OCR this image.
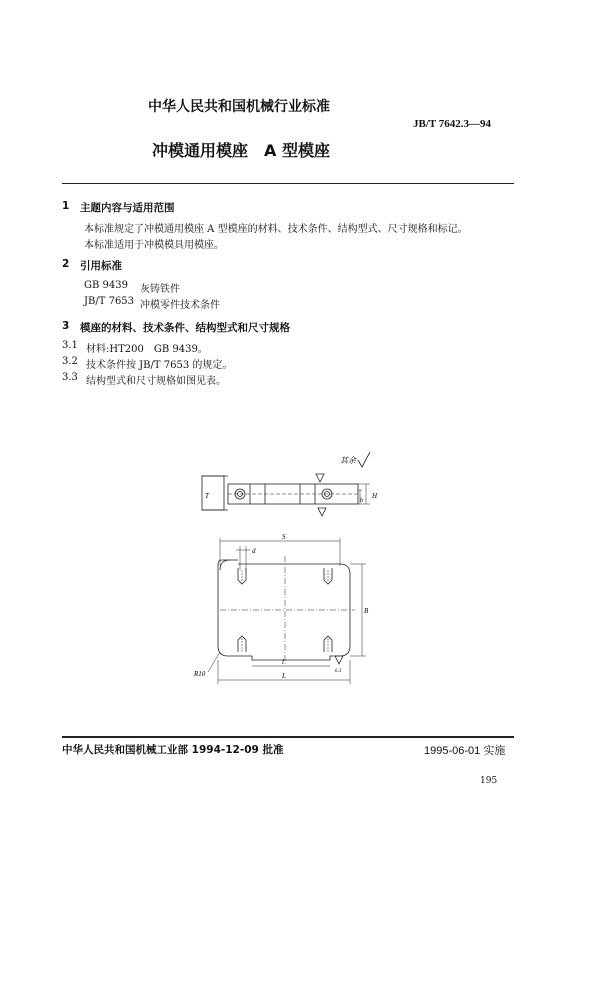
中华人民共和国机械行业标准
JB/T 7642.3—94
冲模通用模座　A 型模座
1 主题内容与适用范围
本标准规定了冲模通用模座 A 型模座的材料、技术条件、结构型式、尺寸规格和标记。
本标准适用于冲模模具用模座。
2 引用标准
GB 9439 灰铸铁件
JB/T 7653 冲模零件技术条件
3 模座的材料、技术条件、结构型式和尺寸规格
3.1 材料:HT200　GB 9439。
3.2 技术条件按 JB/T 7653 的规定。
3.3 结构型式和尺寸规格如图见表。
其余
T	H
h
S
d
B
l
L
R10	6.3
中华人民共和国机械工业部 1994-12-09 批准	1995-06-01 实施
195
